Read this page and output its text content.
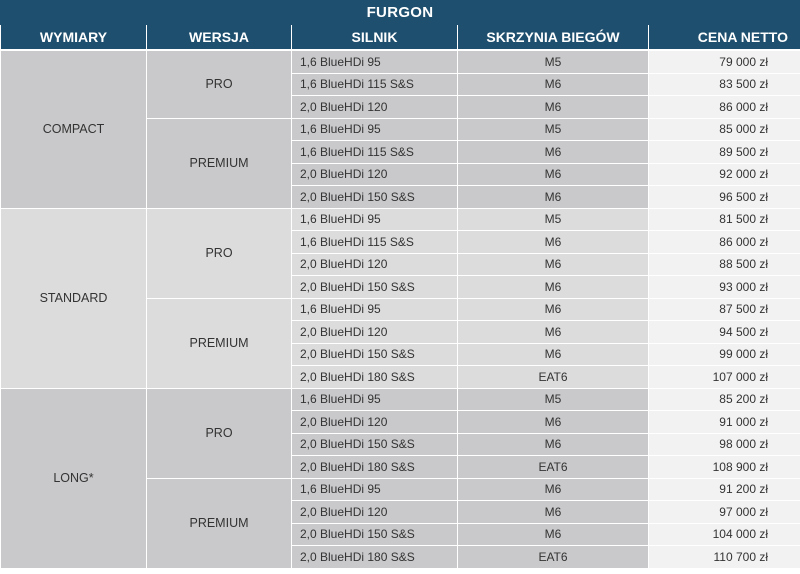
FURGON
WYMIARY	WERSJA	SILNIK	SKRZYNIA BIEGÓW	CENA NETTO
COMPACT	PRO	1,6 BlueHDi 95	M5	79 000 zł
		1,6 BlueHDi 115 S&S	M6	83 500 zł
		2,0 BlueHDi 120	M6	86 000 zł
	PREMIUM	1,6 BlueHDi 95	M5	85 000 zł
		1,6 BlueHDi 115 S&S	M6	89 500 zł
		2,0 BlueHDi 120	M6	92 000 zł
		2,0 BlueHDi 150 S&S	M6	96 500 zł
STANDARD	PRO	1,6 BlueHDi 95	M5	81 500 zł
		1,6 BlueHDi 115 S&S	M6	86 000 zł
		2,0 BlueHDi 120	M6	88 500 zł
		2,0 BlueHDi 150 S&S	M6	93 000 zł
	PREMIUM	1,6 BlueHDi 95	M6	87 500 zł
		2,0 BlueHDi 120	M6	94 500 zł
		2,0 BlueHDi 150 S&S	M6	99 000 zł
		2,0 BlueHDi 180 S&S	EAT6	107 000 zł
LONG*	PRO	1,6 BlueHDi 95	M5	85 200 zł
		2,0 BlueHDi 120	M6	91 000 zł
		2,0 BlueHDi 150 S&S	M6	98 000 zł
		2,0 BlueHDi 180 S&S	EAT6	108 900 zł
	PREMIUM	1,6 BlueHDi 95	M6	91 200 zł
		2,0 BlueHDi 120	M6	97 000 zł
		2,0 BlueHDi 150 S&S	M6	104 000 zł
		2,0 BlueHDi 180 S&S	EAT6	110 700 zł
